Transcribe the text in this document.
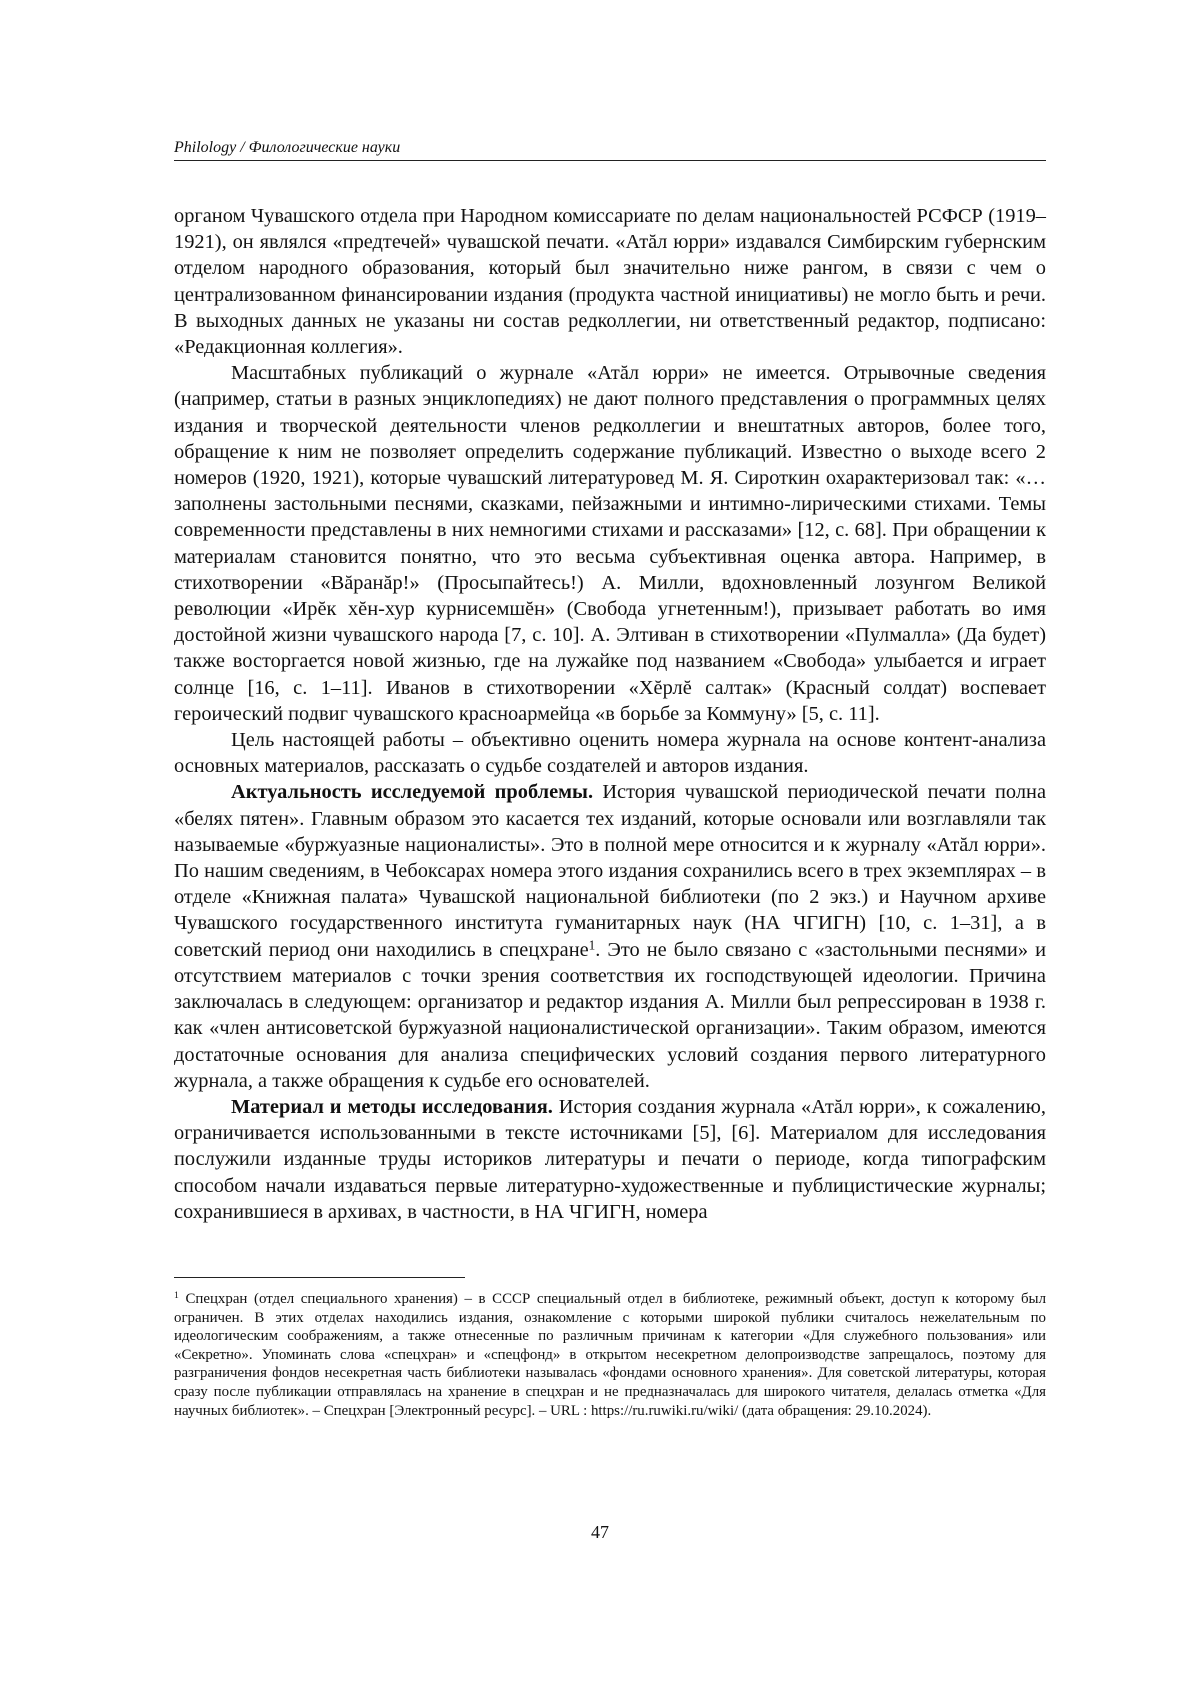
Philology / Филологические науки

органом Чувашского отдела при Народном комиссариате по делам национальностей РСФСР (1919–1921), он являлся «предтечей» чувашской печати. «Атăл юрри» издавался Симбирским губернским отделом народного образования, который был значительно ниже рангом, в связи с чем о централизованном финансировании издания (продукта частной инициативы) не могло быть и речи. В выходных данных не указаны ни состав редколлегии, ни ответственный редактор, подписано: «Редакционная коллегия».

Масштабных публикаций о журнале «Атăл юрри» не имеется. Отрывочные сведения (например, статьи в разных энциклопедиях) не дают полного представления о программных целях издания и творческой деятельности членов редколлегии и внештатных авторов, более того, обращение к ним не позволяет определить содержание публикаций. Известно о выходе всего 2 номеров (1920, 1921), которые чувашский литературовед М. Я. Сироткин охарактеризовал так: «… заполнены застольными песнями, сказками, пейзажными и интимно-лирическими стихами. Темы современности представлены в них немногими стихами и рассказами» [12, с. 68]. При обращении к материалам становится понятно, что это весьма субъективная оценка автора. Например, в стихотворении «Вăранăр!» (Просыпайтесь!) А. Милли, вдохновленный лозунгом Великой революции «Ирĕк хĕн-хур курнисемшĕн» (Свобода угнетенным!), призывает работать во имя достойной жизни чувашского народа [7, с. 10]. А. Элтиван в стихотворении «Пулмалла» (Да будет) также восторгается новой жизнью, где на лужайке под названием «Свобода» улыбается и играет солнце [16, с. 1–11]. Иванов в стихотворении «Хĕрлĕ салтак» (Красный солдат) воспевает героический подвиг чувашского красноармейца «в борьбе за Коммуну» [5, с. 11].

Цель настоящей работы – объективно оценить номера журнала на основе контент-анализа основных материалов, рассказать о судьбе создателей и авторов издания.

Актуальность исследуемой проблемы. История чувашской периодической печати полна «белях пятен». Главным образом это касается тех изданий, которые основали или возглавляли так называемые «буржуазные националисты». Это в полной мере относится и к журналу «Атăл юрри». По нашим сведениям, в Чебоксарах номера этого издания сохранились всего в трех экземплярах – в отделе «Книжная палата» Чувашской национальной библиотеки (по 2 экз.) и Научном архиве Чувашского государственного института гуманитарных наук (НА ЧГИГН) [10, с. 1–31], а в советский период они находились в спецхране1. Это не было связано с «застольными песнями» и отсутствием материалов с точки зрения соответствия их господствующей идеологии. Причина заключалась в следующем: организатор и редактор издания А. Милли был репрессирован в 1938 г. как «член антисоветской буржуазной националистической организации». Таким образом, имеются достаточные основания для анализа специфических условий создания первого литературного журнала, а также обращения к судьбе его основателей.

Материал и методы исследования. История создания журнала «Атăл юрри», к сожалению, ограничивается использованными в тексте источниками [5], [6]. Материалом для исследования послужили изданные труды историков литературы и печати о периоде, когда типографским способом начали издаваться первые литературно-художественные и публицистические журналы; сохранившиеся в архивах, в частности, в НА ЧГИГН, номера

1 Спецхран (отдел специального хранения) – в СССР специальный отдел в библиотеке, режимный объект, доступ к которому был ограничен. В этих отделах находились издания, ознакомление с которыми широкой публики считалось нежелательным по идеологическим соображениям, а также отнесенные по различным причинам к категории «Для служебного пользования» или «Секретно». Упоминать слова «спецхран» и «спецфонд» в открытом несекретном делопроизводстве запрещалось, поэтому для разграничения фондов несекретная часть библиотеки называлась «фондами основного хранения». Для советской литературы, которая сразу после публикации отправлялась на хранение в спецхран и не предназначалась для широкого читателя, делалась отметка «Для научных библиотек». – Спецхран [Электронный ресурс]. – URL : https://ru.ruwiki.ru/wiki/ (дата обращения: 29.10.2024).

47
